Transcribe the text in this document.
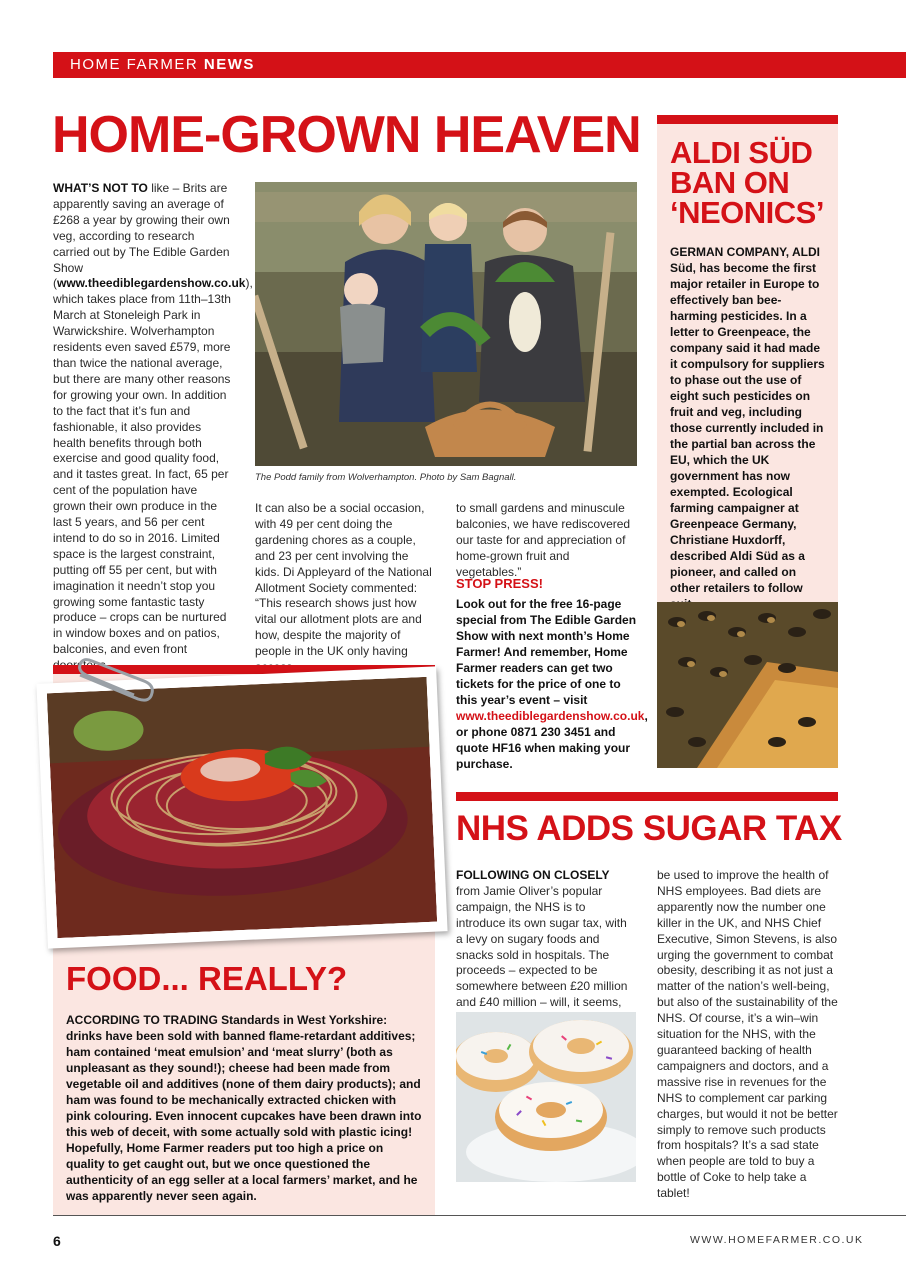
HOME FARMER NEWS
HOME-GROWN HEAVEN
WHAT’S NOT TO like – Brits are apparently saving an average of £268 a year by growing their own veg, according to research carried out by The Edible Garden Show (www.theediblegardenshow.co.uk), which takes place from 11th–13th March at Stoneleigh Park in Warwickshire. Wolverhampton residents even saved £579, more than twice the national average, but there are many other reasons for growing your own. In addition to the fact that it’s fun and fashionable, it also provides health benefits through both exercise and good quality food, and it tastes great. In fact, 65 per cent of the population have grown their own produce in the last 5 years, and 56 per cent intend to do so in 2016. Limited space is the largest constraint, putting off 55 per cent, but with imagination it needn’t stop you growing some fantastic tasty produce – crops can be nurtured in window boxes and on patios, balconies, and even front
The Podd family from Wolverhampton. Photo by Sam Bagnall.
It can also be a social occasion, with 49 per cent doing the gardening chores as a couple, and 23 per cent involving the kids. Di Appleyard of the National Allotment Society commented: “This research shows just how vital our allotment plots are and how, despite the majority of people in the UK only having
to small gardens and minuscule balconies, we have rediscovered our taste for and appreciation of home-grown fruit and vegetables.”
STOP PRESS!
Look out for the free 16-page special from The Edible Garden Show with next month’s Home Farmer! And remember, Home Farmer readers can get two tickets for the price of one to this year’s event – visit www.theediblegardenshow.co.uk, or phone 0871 230 3451 and quote HF16 when making your purchase.
ALDI SÜD BAN ON ‘NEONICS’
GERMAN COMPANY, ALDI Süd, has become the first major retailer in Europe to effectively ban bee-harming pesticides. In a letter to Greenpeace, the company said it had made it compulsory for suppliers to phase out the use of eight such pesticides on fruit and veg, including those currently included in the partial ban across the EU, which the UK government has now exempted. Ecological farming campaigner at Greenpeace Germany, Christiane Huxdorff, described Aldi Süd as a pioneer, and called on other retailers to follow
FOOD... REALLY?
ACCORDING TO TRADING Standards in West Yorkshire: drinks have been sold with banned flame-retardant additives; ham contained ‘meat emulsion’ and ‘meat slurry’ (both as unpleasant as they sound!); cheese had been made from vegetable oil and additives (none of them dairy products); and ham was found to be mechanically extracted chicken with pink colouring. Even innocent cupcakes have been drawn into this web of deceit, with some actually sold with plastic icing! Hopefully, Home Farmer readers put too high a price on quality to get caught out, but we once questioned the authenticity of an egg seller at a local farmers’ market, and he was apparently never seen again.
NHS ADDS SUGAR TAX
FOLLOWING ON CLOSELY from Jamie Oliver’s popular campaign, the NHS is to introduce its own sugar tax, with a levy on sugary foods and snacks sold in hospitals. The proceeds – expected to be somewhere between £20 million and £40 million – will, it seems,
be used to improve the health of NHS employees. Bad diets are apparently now the number one killer in the UK, and NHS Chief Executive, Simon Stevens, is also urging the government to combat obesity, describing it as not just a matter of the nation’s well-being, but also of the sustainability of the NHS. Of course, it’s a win–win situation for the NHS, with the guaranteed backing of health campaigners and doctors, and a massive rise in revenues for the NHS to complement car parking charges, but would it not be better simply to remove such products from hospitals? It’s a sad state when people are told to buy a bottle of Coke to help take a tablet!
6	WWW.HOMEFARMER.CO.UK
